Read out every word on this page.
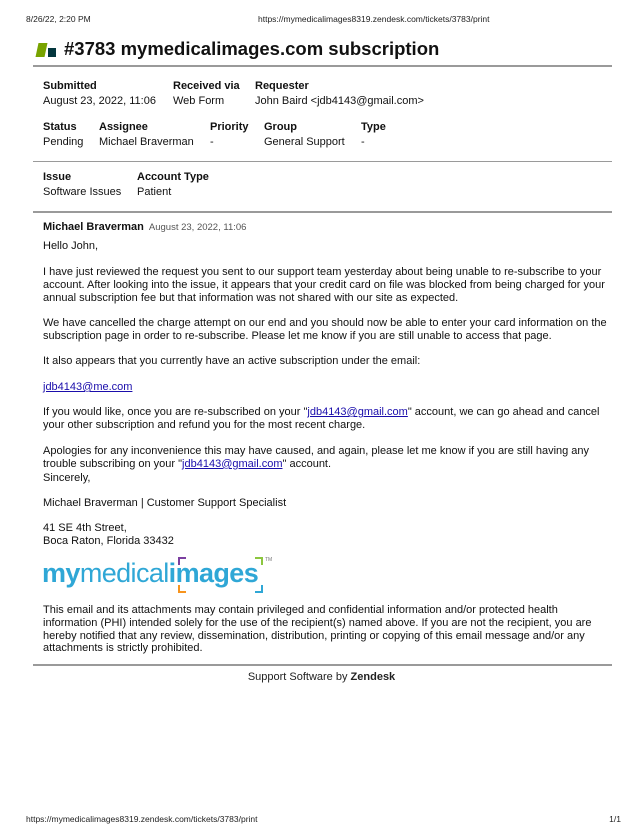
8/26/22, 2:20 PM	https://mymedicalimages8319.zendesk.com/tickets/3783/print
#3783 mymedicalimages.com subscription
Submitted
August 23, 2022, 11:06
Received via
Web Form
Requester
John Baird <jdb4143@gmail.com>
Status
Pending
Assignee
Michael Braverman
Priority
-
Group
General Support
Type
-
Issue
Software Issues
Account Type
Patient
Michael Braverman August 23, 2022, 11:06

Hello John,

I have just reviewed the request you sent to our support team yesterday about being unable to re-subscribe to your account. After looking into the issue, it appears that your credit card on file was blocked from being charged for your annual subscription fee but that information was not shared with our site as expected.

We have cancelled the charge attempt on our end and you should now be able to enter your card information on the subscription page in order to re-subscribe. Please let me know if you are still unable to access that page.

It also appears that you currently have an active subscription under the email:

jdb4143@me.com

If you would like, once you are re-subscribed on your "jdb4143@gmail.com" account, we can go ahead and cancel your other subscription and refund you for the most recent charge.

Apologies for any inconvenience this may have caused, and again, please let me know if you are still having any trouble subscribing on your "jdb4143@gmail.com" account.

Sincerely,

Michael Braverman | Customer Support Specialist

41 SE 4th Street,

Boca Raton, Florida 33432

mymedicalimages TM

This email and its attachments may contain privileged and confidential information and/or protected health information (PHI) intended solely for the use of the recipient(s) named above. If you are not the recipient, you are hereby notified that any review, dissemination, distribution, printing or copying of this email message and/or any attachments is strictly prohibited.

Support Software by Zendesk
https://mymedicalimages8319.zendesk.com/tickets/3783/print	1/1
